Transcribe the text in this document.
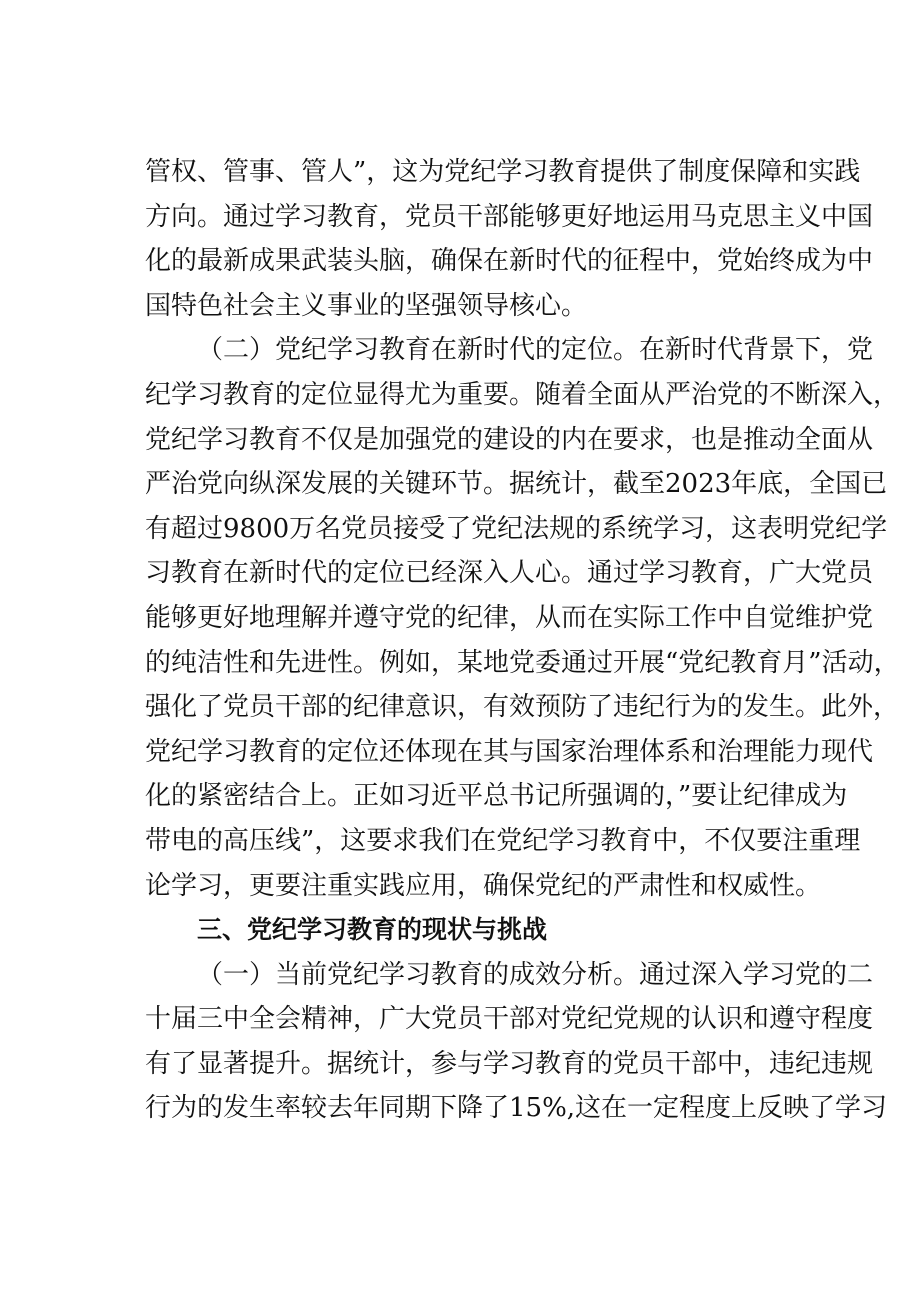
管权、管事、管人”，这为党纪学习教育提供了制度保障和实践
方向。通过学习教育，党员干部能够更好地运用马克思主义中国
化的最新成果武装头脑，确保在新时代的征程中，党始终成为中
国特色社会主义事业的坚强领导核心。
（二）党纪学习教育在新时代的定位。在新时代背景下，党
纪学习教育的定位显得尤为重要。随着全面从严治党的不断深入，
党纪学习教育不仅是加强党的建设的内在要求，也是推动全面从
严治党向纵深发展的关键环节。据统计，截至2023年底，全国已
有超过9800万名党员接受了党纪法规的系统学习，这表明党纪学
习教育在新时代的定位已经深入人心。通过学习教育，广大党员
能够更好地理解并遵守党的纪律，从而在实际工作中自觉维护党
的纯洁性和先进性。例如，某地党委通过开展“党纪教育月”活动，
强化了党员干部的纪律意识，有效预防了违纪行为的发生。此外，
党纪学习教育的定位还体现在其与国家治理体系和治理能力现代
化的紧密结合上。正如习近平总书记所强调的，”要让纪律成为
带电的高压线”，这要求我们在党纪学习教育中，不仅要注重理
论学习，更要注重实践应用，确保党纪的严肃性和权威性。
三、党纪学习教育的现状与挑战
（一）当前党纪学习教育的成效分析。通过深入学习党的二
十届三中全会精神，广大党员干部对党纪党规的认识和遵守程度
有了显著提升。据统计，参与学习教育的党员干部中，违纪违规
行为的发生率较去年同期下降了15%,这在一定程度上反映了学习
